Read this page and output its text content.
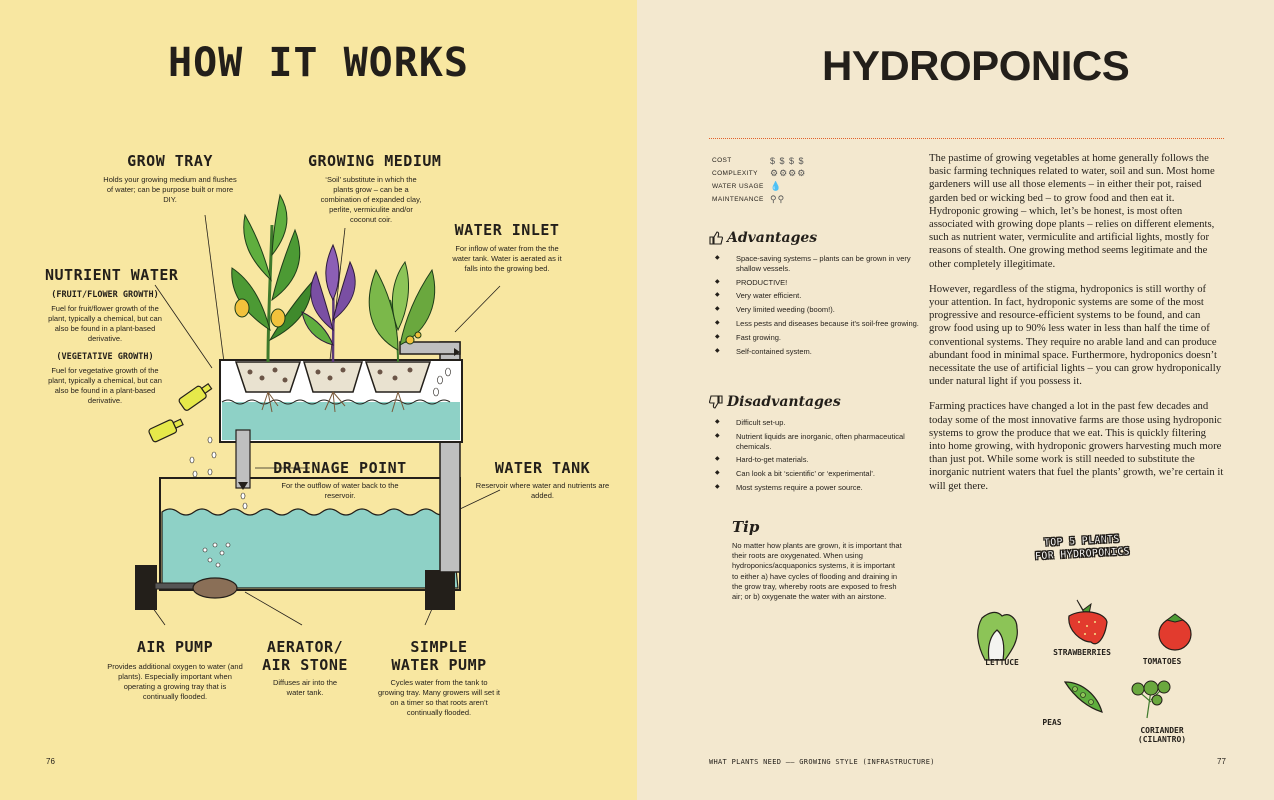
HOW IT WORKS
GROW TRAY
Holds your growing medium and flushes of water; can be purpose built or more DIY.
GROWING MEDIUM
‘Soil’ substitute in which the plants grow – can be a combination of expanded clay, perlite, vermiculite and/or coconut coir.
WATER INLET
For inflow of water from the the water tank. Water is aerated as it falls into the growing bed.
NUTRIENT WATER
(FRUIT/FLOWER GROWTH)
Fuel for fruit/flower growth of the plant, typically a chemical, but can also be found in a plant-based derivative.
(VEGETATIVE GROWTH)
Fuel for vegetative growth of the plant, typically a chemical, but can also be found in a plant-based derivative.
DRAINAGE POINT
For the outflow of water back to the reservoir.
WATER TANK
Reservoir where water and nutrients are added.
AIR PUMP
Provides additional oxygen to water (and plants). Especially important when operating a growing tray that is continually flooded.
AERATOR/
AIR STONE
Diffuses air into the water tank.
SIMPLE
WATER PUMP
Cycles water from the tank to growing tray. Many growers will set it on a timer so that roots aren’t continually flooded.
76
HYDROPONICS
COST	$ $ $ $
COMPLEXITY	⚙⚙⚙⚙
WATER USAGE 💧
MAINTENANCE ⚲⚲
Advantages
◆ Space-saving systems – plants can be grown in very shallow vessels.
◆ PRODUCTIVE!
◆ Very water efficient.
◆ Very limited weeding (boom!).
◆ Less pests and diseases because it’s soil-free growing.
◆ Fast growing.
◆ Self-contained system.
Disadvantages
◆ Difficult set-up.
◆ Nutrient liquids are inorganic, often pharmaceutical chemicals.
◆ Hard-to-get materials.
◆ Can look a bit ‘scientific’ or ‘experimental’.
◆ Most systems require a power source.
Tip
No matter how plants are grown, it is important that their roots are oxygenated. When using hydroponics/acquaponics systems, it is important to either a) have cycles of flooding and draining in the grow tray, whereby roots are exposed to fresh air; or b) oxygenate the water with an airstone.

The pastime of growing vegetables at home generally follows the basic farming techniques related to water, soil and sun. Most home gardeners will use all those elements – in either their pot, raised garden bed or wicking bed – to grow food and then eat it. Hydroponic growing – which, let’s be honest, is most often associated with growing dope plants – relies on different elements, such as nutrient water, vermiculite and artificial lights, mostly for reasons of stealth. One growing method seems legitimate and the other completely illegitimate.

However, regardless of the stigma, hydroponics is still worthy of your attention. In fact, hydroponic systems are some of the most progressive and resource-efficient systems to be found, and can grow food using up to 90% less water in less than half the time of conventional systems. They require no arable land and can produce abundant food in minimal space. Furthermore, hydroponics doesn’t necessitate the use of artificial lights – you can grow hydroponically under natural light if you possess it.

Farming practices have changed a lot in the past few decades and today some of the most innovative farms are those using hydroponic systems to grow the produce that we eat. This is quickly filtering into home growing, with hydroponic growers harvesting much more than just pot. While some work is still needed to substitute the inorganic nutrient waters that fuel the plants’ growth, we’re certain it will get there.

TOP 5 PLANTS
FOR HYDROPONICS
LETTUCE
STRAWBERRIES
TOMATOES
PEAS
CORIANDER
(CILANTRO)
WHAT PLANTS NEED —— GROWING STYLE (INFRASTRUCTURE)	77
